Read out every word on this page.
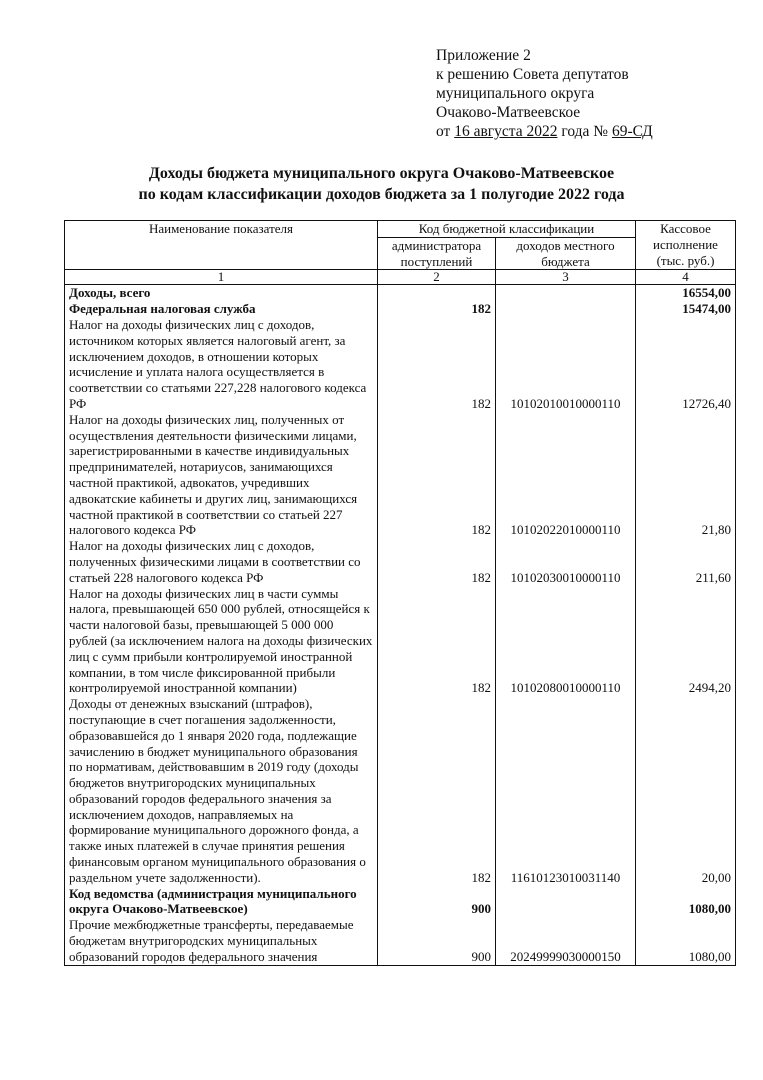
Приложение 2
к решению Совета депутатов
муниципального округа
Очаково-Матвеевское
от 16 августа 2022 года № 69-СД
Доходы бюджета муниципального округа Очаково-Матвеевское
по кодам классификации доходов бюджета за 1 полугодие 2022 года
Наименование показателя	Код бюджетной классификации		Кассовое исполнение (тыс. руб.)
	администратора поступлений	доходов местного бюджета	
1	2	3	4
Доходы, всего			16554,00
Федеральная налоговая служба	182		15474,00
Налог на доходы физических лиц с доходов, источником которых является налоговый агент, за исключением доходов, в отношении которых исчисление и уплата налога осуществляется в соответствии со статьями 227,228 налогового кодекса РФ	182	10102010010000110	12726,40
Налог на доходы физических лиц, полученных от осуществления деятельности физическими лицами, зарегистрированными в качестве индивидуальных предпринимателей, нотариусов, занимающихся частной практикой, адвокатов, учредивших адвокатские кабинеты и других лиц, занимающихся частной практикой в соответствии со статьей 227 налогового кодекса РФ	182	10102022010000110	21,80
Налог на доходы физических лиц с доходов, полученных физическими лицами в соответствии со статьей 228 налогового кодекса РФ	182	10102030010000110	211,60
Налог на доходы физических лиц в части суммы налога, превышающей 650 000 рублей, относящейся к части налоговой базы, превышающей 5 000 000 рублей (за исключением налога на доходы физических лиц с сумм прибыли контролируемой иностранной компании, в том числе фиксированной прибыли контролируемой иностранной компании)	182	10102080010000110	2494,20
Доходы от денежных взысканий (штрафов), поступающие в счет погашения задолженности, образовавшейся до 1 января 2020 года, подлежащие зачислению в бюджет муниципального образования по нормативам, действовавшим в 2019 году (доходы бюджетов внутригородских муниципальных образований городов федерального значения за исключением доходов, направляемых на формирование муниципального дорожного фонда, а также иных платежей в случае принятия решения финансовым органом муниципального образования о раздельном учете задолженности).	182	11610123010031140	20,00
Код ведомства (администрация муниципального округа Очаково-Матвеевское)	900		1080,00
Прочие межбюджетные трансферты, передаваемые бюджетам внутригородских муниципальных образований городов федерального значения	900	20249999030000150	1080,00
